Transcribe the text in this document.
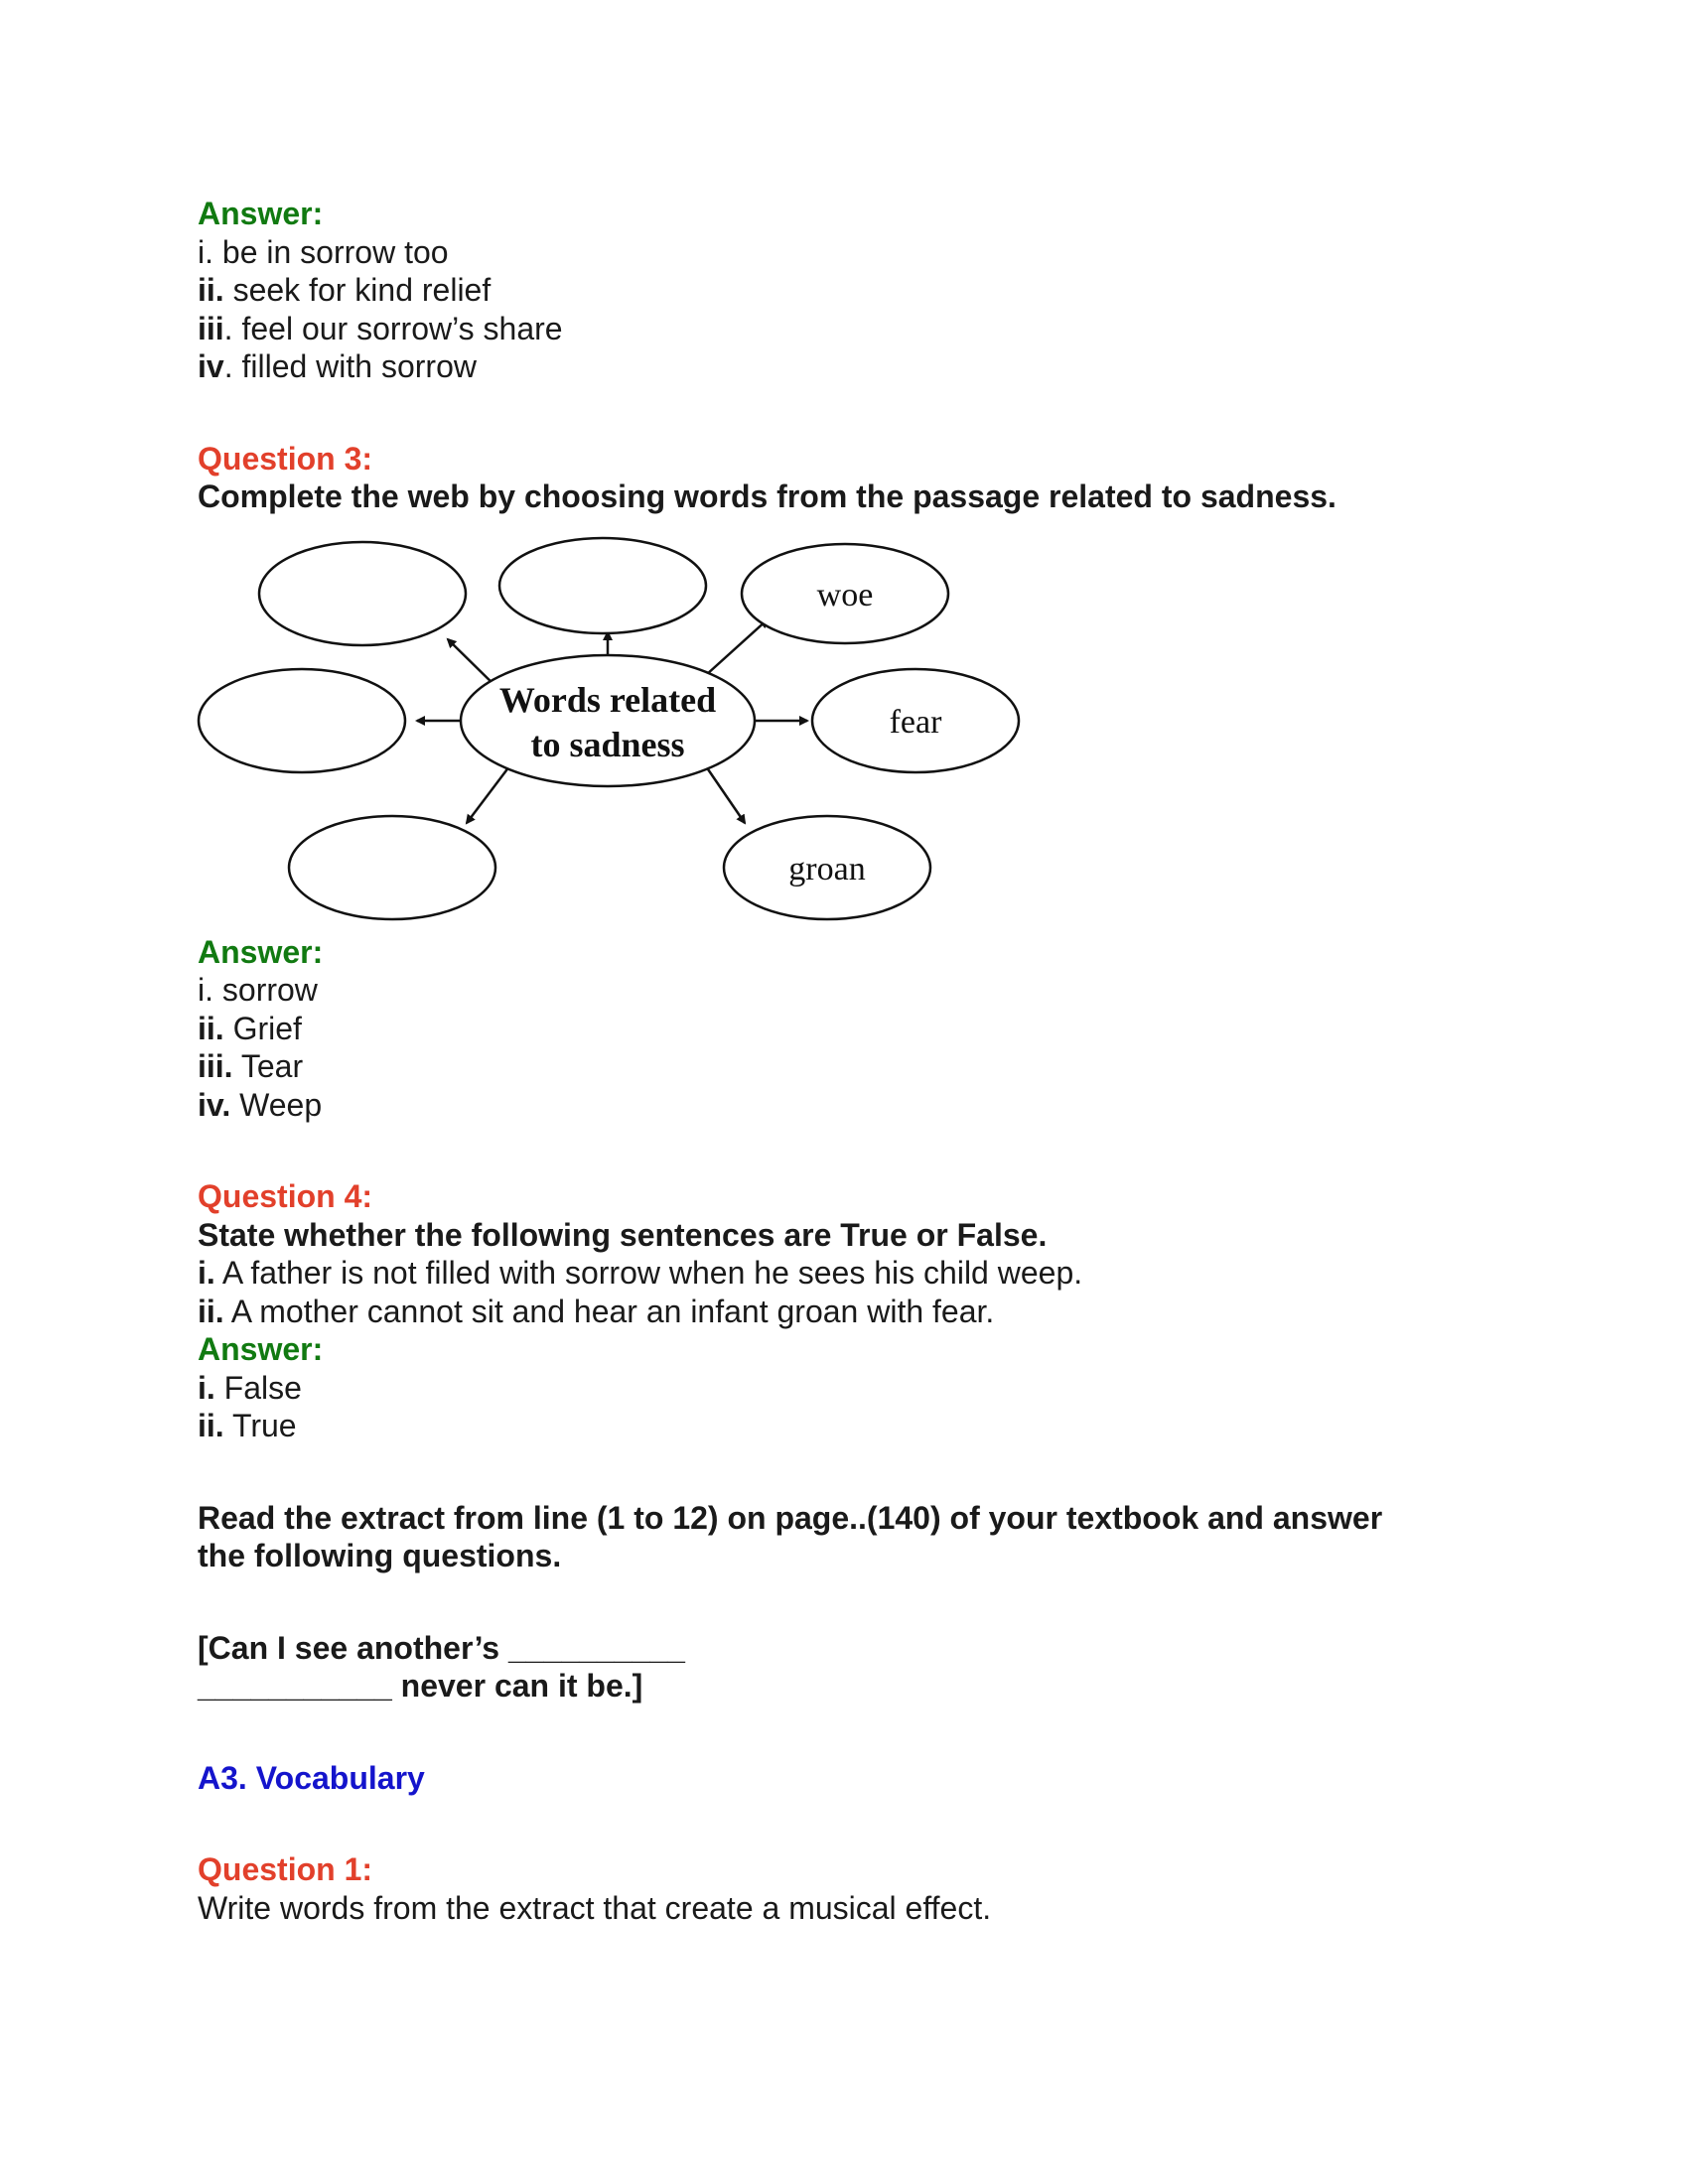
Answer:
i. be in sorrow too
ii. seek for kind relief
iii. feel our sorrow’s share
iv. filled with sorrow
Question 3:
Complete the web by choosing words from the passage related to sadness.
Words related
to sadness
woe
fear
groan
Answer:
i. sorrow
ii. Grief
iii. Tear
iv. Weep
Question 4:
State whether the following sentences are True or False.
i. A father is not filled with sorrow when he sees his child weep.
ii. A mother cannot sit and hear an infant groan with fear.
Answer:
i. False
ii. True
Read the extract from line (1 to 12) on page..(140) of your textbook and answer
the following questions.
[Can I see another’s __________
___________ never can it be.]
A3. Vocabulary
Question 1:
Write words from the extract that create a musical effect.
